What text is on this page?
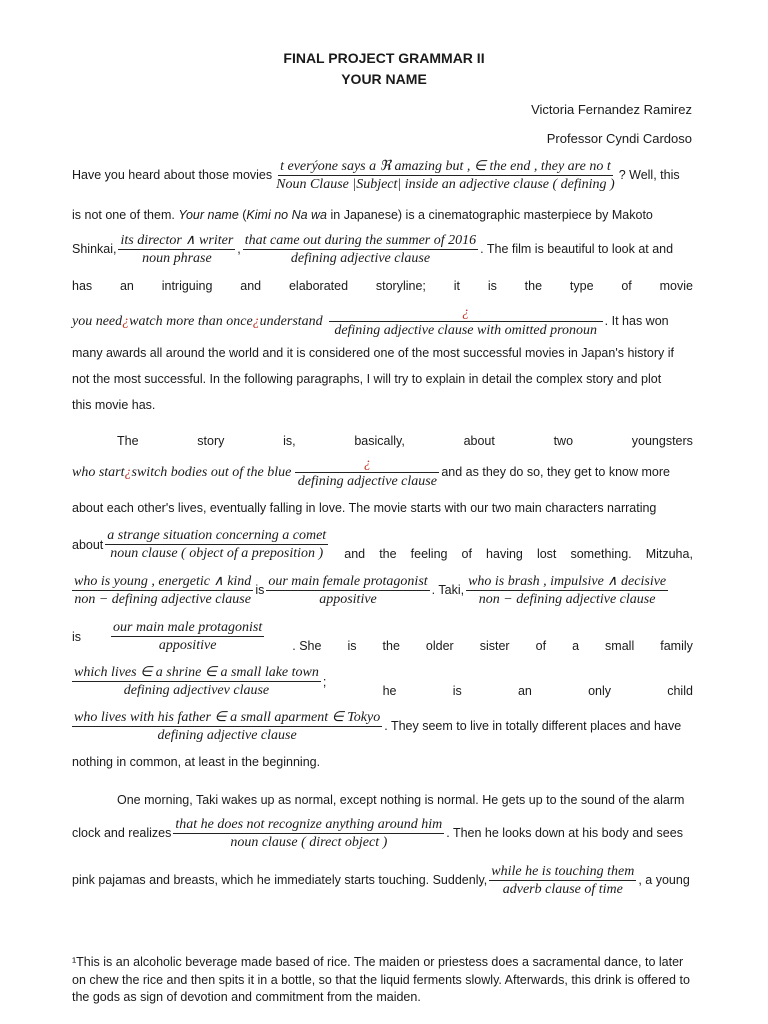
FINAL PROJECT GRAMMAR II
YOUR NAME
Victoria Fernandez Ramirez
Professor Cyndi Cardoso
Have you heard about those movies
t everýone says a ℜ amazing but , ∈ the end , they are no t
Noun Clause |Subject| inside an adjective clause ( defining )
? Well, this
is not one of them. Your name (Kimi no Na wa in Japanese) is a cinematographic masterpiece by Makoto
Shinkai, $\frac{\text{its director ∧ writer}}{\text{noun phrase}}$ , $\frac{\text{that came out during the summer of 2016}}{\text{defining adjective clause}}$ . The film is beautiful to look at and
has an intriguing and elaborated storyline; it is the type of movie
you need¿watch more than once¿understand $\frac{¿}{\text{defining adjective clause with omitted pronoun}}$ . It has won
many awards all around the world and it is considered one of the most successful movies in Japan's history if
not the most successful. In the following paragraphs, I will try to explain in detail the complex story and plot
this movie has.
The	story	is,	basically,	about	two	youngsters
who start¿switch bodies out of the blue $\frac{¿}{\text{defining adjective clause}}$ and as they do so, they get to know more
about each other's lives, eventually falling in love. The movie starts with our two main characters narrating
about $\frac{\text{a strange situation concerning a comet}}{\text{noun clause ( object of a preposition )}}$ and the feeling of having lost something. Mitzuha,
$\frac{\text{who is young , energetic ∧ kind}}{\text{non − defining adjective clause}}$ is $\frac{\text{our main female protagonist}}{\text{appositive}}$ . Taki, $\frac{\text{who is brash , impulsive ∧ decisive}}{\text{non − defining adjective clause}}$
is $\frac{\text{our main male protagonist}}{\text{appositive}}$ . She is the older sister of a small family
$\frac{\text{which lives ∈ a shrine ∈ a small lake town}}{\text{defining adjectivev clause}}$ ;
he	is	an	only	child
$\frac{\text{who lives with his father ∈ a small aparment ∈ Tokyo}}{\text{defining adjective clause}}$ . They seem to live in totally different places and have
nothing in common, at least in the beginning.
One morning, Taki wakes up as normal, except nothing is normal. He gets up to the sound of the alarm
clock and realizes $\frac{\text{that he does not recognize anything around him}}{\text{noun clause ( direct object )}}$ . Then he looks down at his body and sees
pink pajamas and breasts, which he immediately starts touching. Suddenly, $\frac{\text{while he is touching them}}{\text{adverb clause of time}}$ , a young
¹This is an alcoholic beverage made based of rice. The maiden or priestess does a sacramental dance, to later on chew the rice and then spits it in a bottle, so that the liquid ferments slowly. Afterwards, this drink is offered to the gods as sign of devotion and commitment from the maiden.
